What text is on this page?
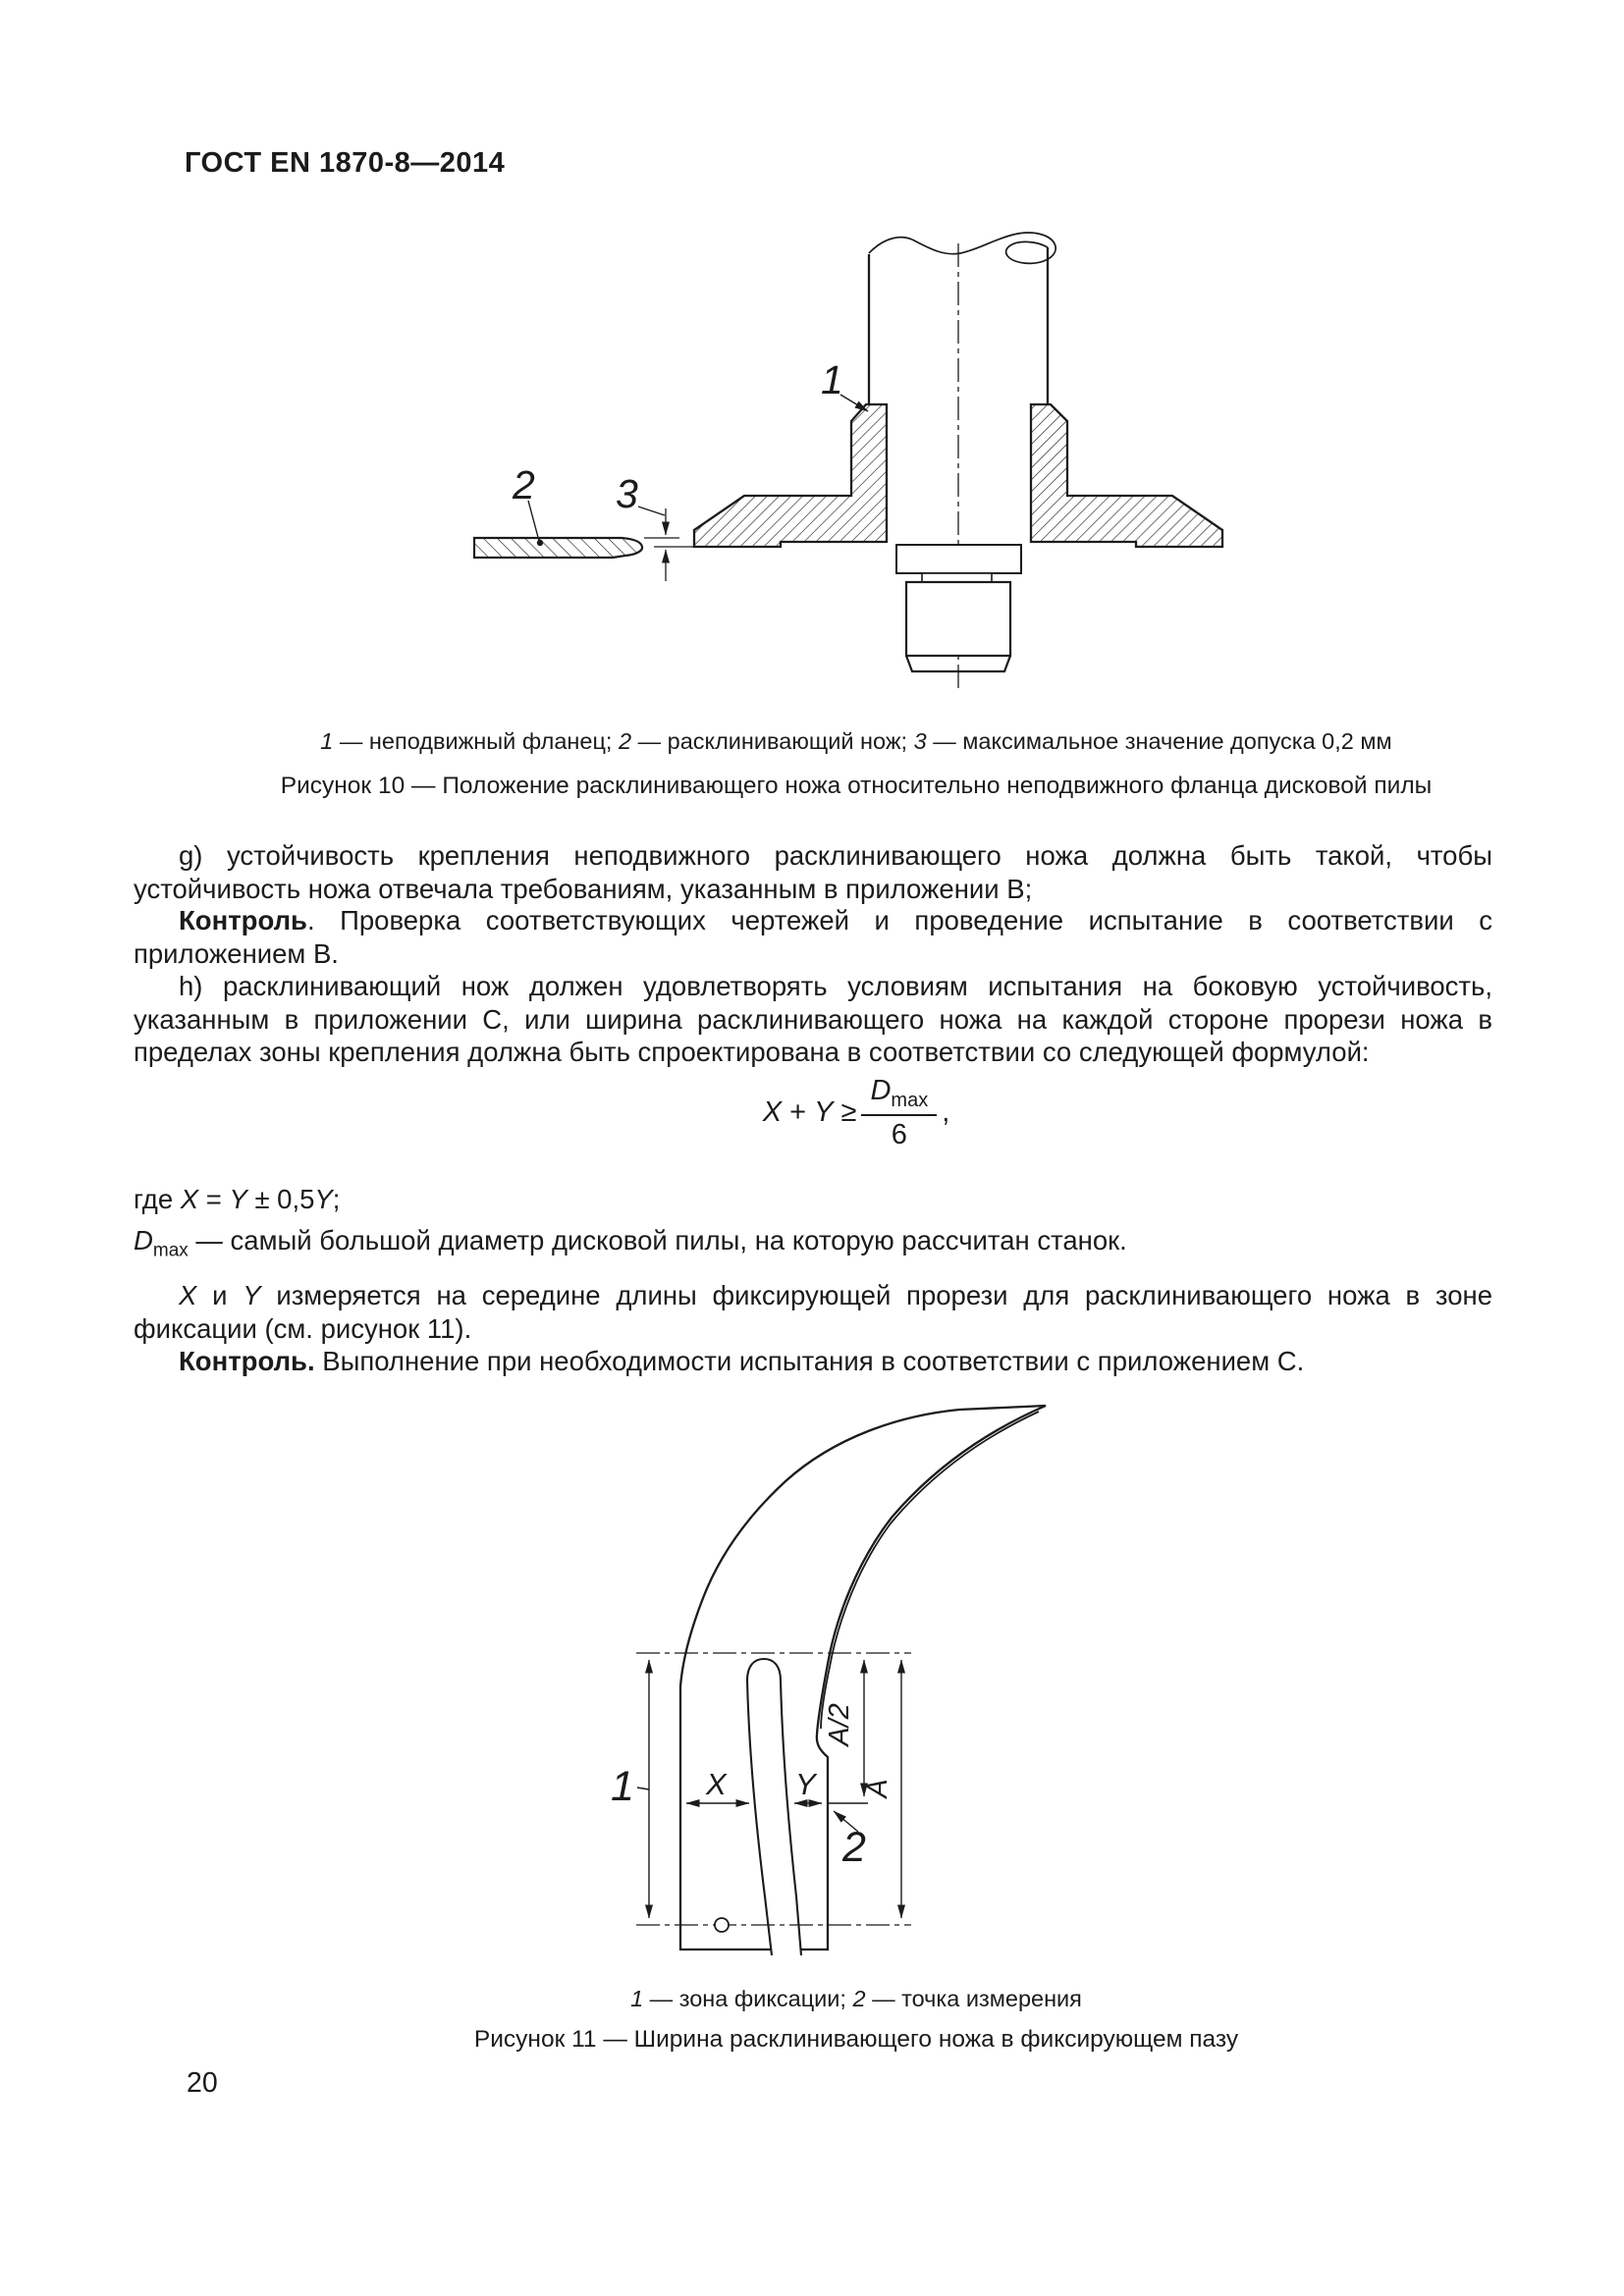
ГОСТ EN 1870-8—2014
1
2 3
1 — неподвижный фланец; 2 — расклинивающий нож; 3 — максимальное значение допуска 0,2 мм
Рисунок 10 — Положение расклинивающего ножа относительно неподвижного фланца дисковой пилы
g) устойчивость крепления неподвижного расклинивающего ножа должна быть такой, чтобы устойчивость ножа отвечала требованиям, указанным в приложении B;
Контроль. Проверка соответствующих чертежей и проведение испытание в соответствии с приложением B.
h) расклинивающий нож должен удовлетворять условиям испытания на боковую устойчивость, указанным в приложении C, или ширина расклинивающего ножа на каждой стороне прорези ножа в пределах зоны крепления должна быть спроектирована в соответствии со следующей формулой:
$X + Y \ge \frac{D_{max}}{6}$ ,
где X = Y ± 0,5Y;
$D_{max}$ — самый большой диаметр дисковой пилы, на которую рассчитан станок.
X и Y измеряется на середине длины фиксирующей прорези для расклинивающего ножа в зоне фиксации (см. рисунок 11).
Контроль. Выполнение при необходимости испытания в соответствии с приложением C.
1 X Y
A/2
A
2
1 — зона фиксации; 2 — точка измерения
Рисунок 11 — Ширина расклинивающего ножа в фиксирующем пазу
20
